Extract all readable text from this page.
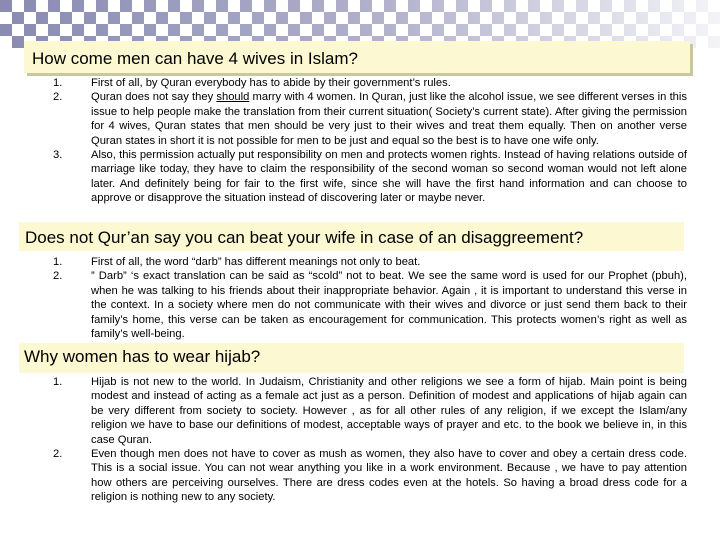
How come men can have 4 wives in Islam?
1.	First of all, by Quran everybody has to abide by their government’s rules.
2.	Quran does not say they should marry with 4 women. In Quran, just like the alcohol issue, we see different verses in this issue to help people make the translation from their current situation( Society’s current state). After giving the permission for 4 wives, Quran states that men should be very just to their wives and treat them equally. Then on another verse Quran states in short it is not possible for men to be just and equal so the best is to have one wife only.
3.	Also, this permission actually put responsibility on men and protects women rights. Instead of having relations outside of marriage like today, they have to claim the responsibility of the second woman so second woman would not left alone later. And definitely being for fair to the first wife, since she will have the first hand information and can choose to approve or disapprove the situation instead of discovering later or maybe never.
Does not Qur’an say you can beat your wife in case of an disaggreement?
1.	First of all, the word “darb” has different meanings not only to beat.
2.	” Darb” ‘s exact translation can be said as “scold” not to beat. We see the same word is used for our Prophet (pbuh), when he was talking to his friends about their inappropriate behavior. Again , it is important to understand this verse in the context. In a society where men do not communicate with their wives and divorce or just send them back to their family’s home, this verse can be taken as encouragement for communication. This protects women’s right as well as family’s well-being.
Why women has to wear hijab?
1.	Hijab is not new to the world. In Judaism, Christianity and other religions we see a form of hijab. Main point is being modest and instead of acting as a female act just as a person. Definition of modest and applications of hijab again can be very different from society to society. However , as for all other rules of any religion, if we except the Islam/any religion we have to base our definitions of modest, acceptable ways of prayer and etc. to the book we believe in, in this case Quran.
2.	Even though men does not have to cover as mush as women, they also have to cover and obey a certain dress code. This is a social issue. You can not wear anything you like in a work environment. Because , we have to pay attention how others are perceiving ourselves. There are dress codes even at the hotels. So having a broad dress code for a religion is nothing new to any society.
